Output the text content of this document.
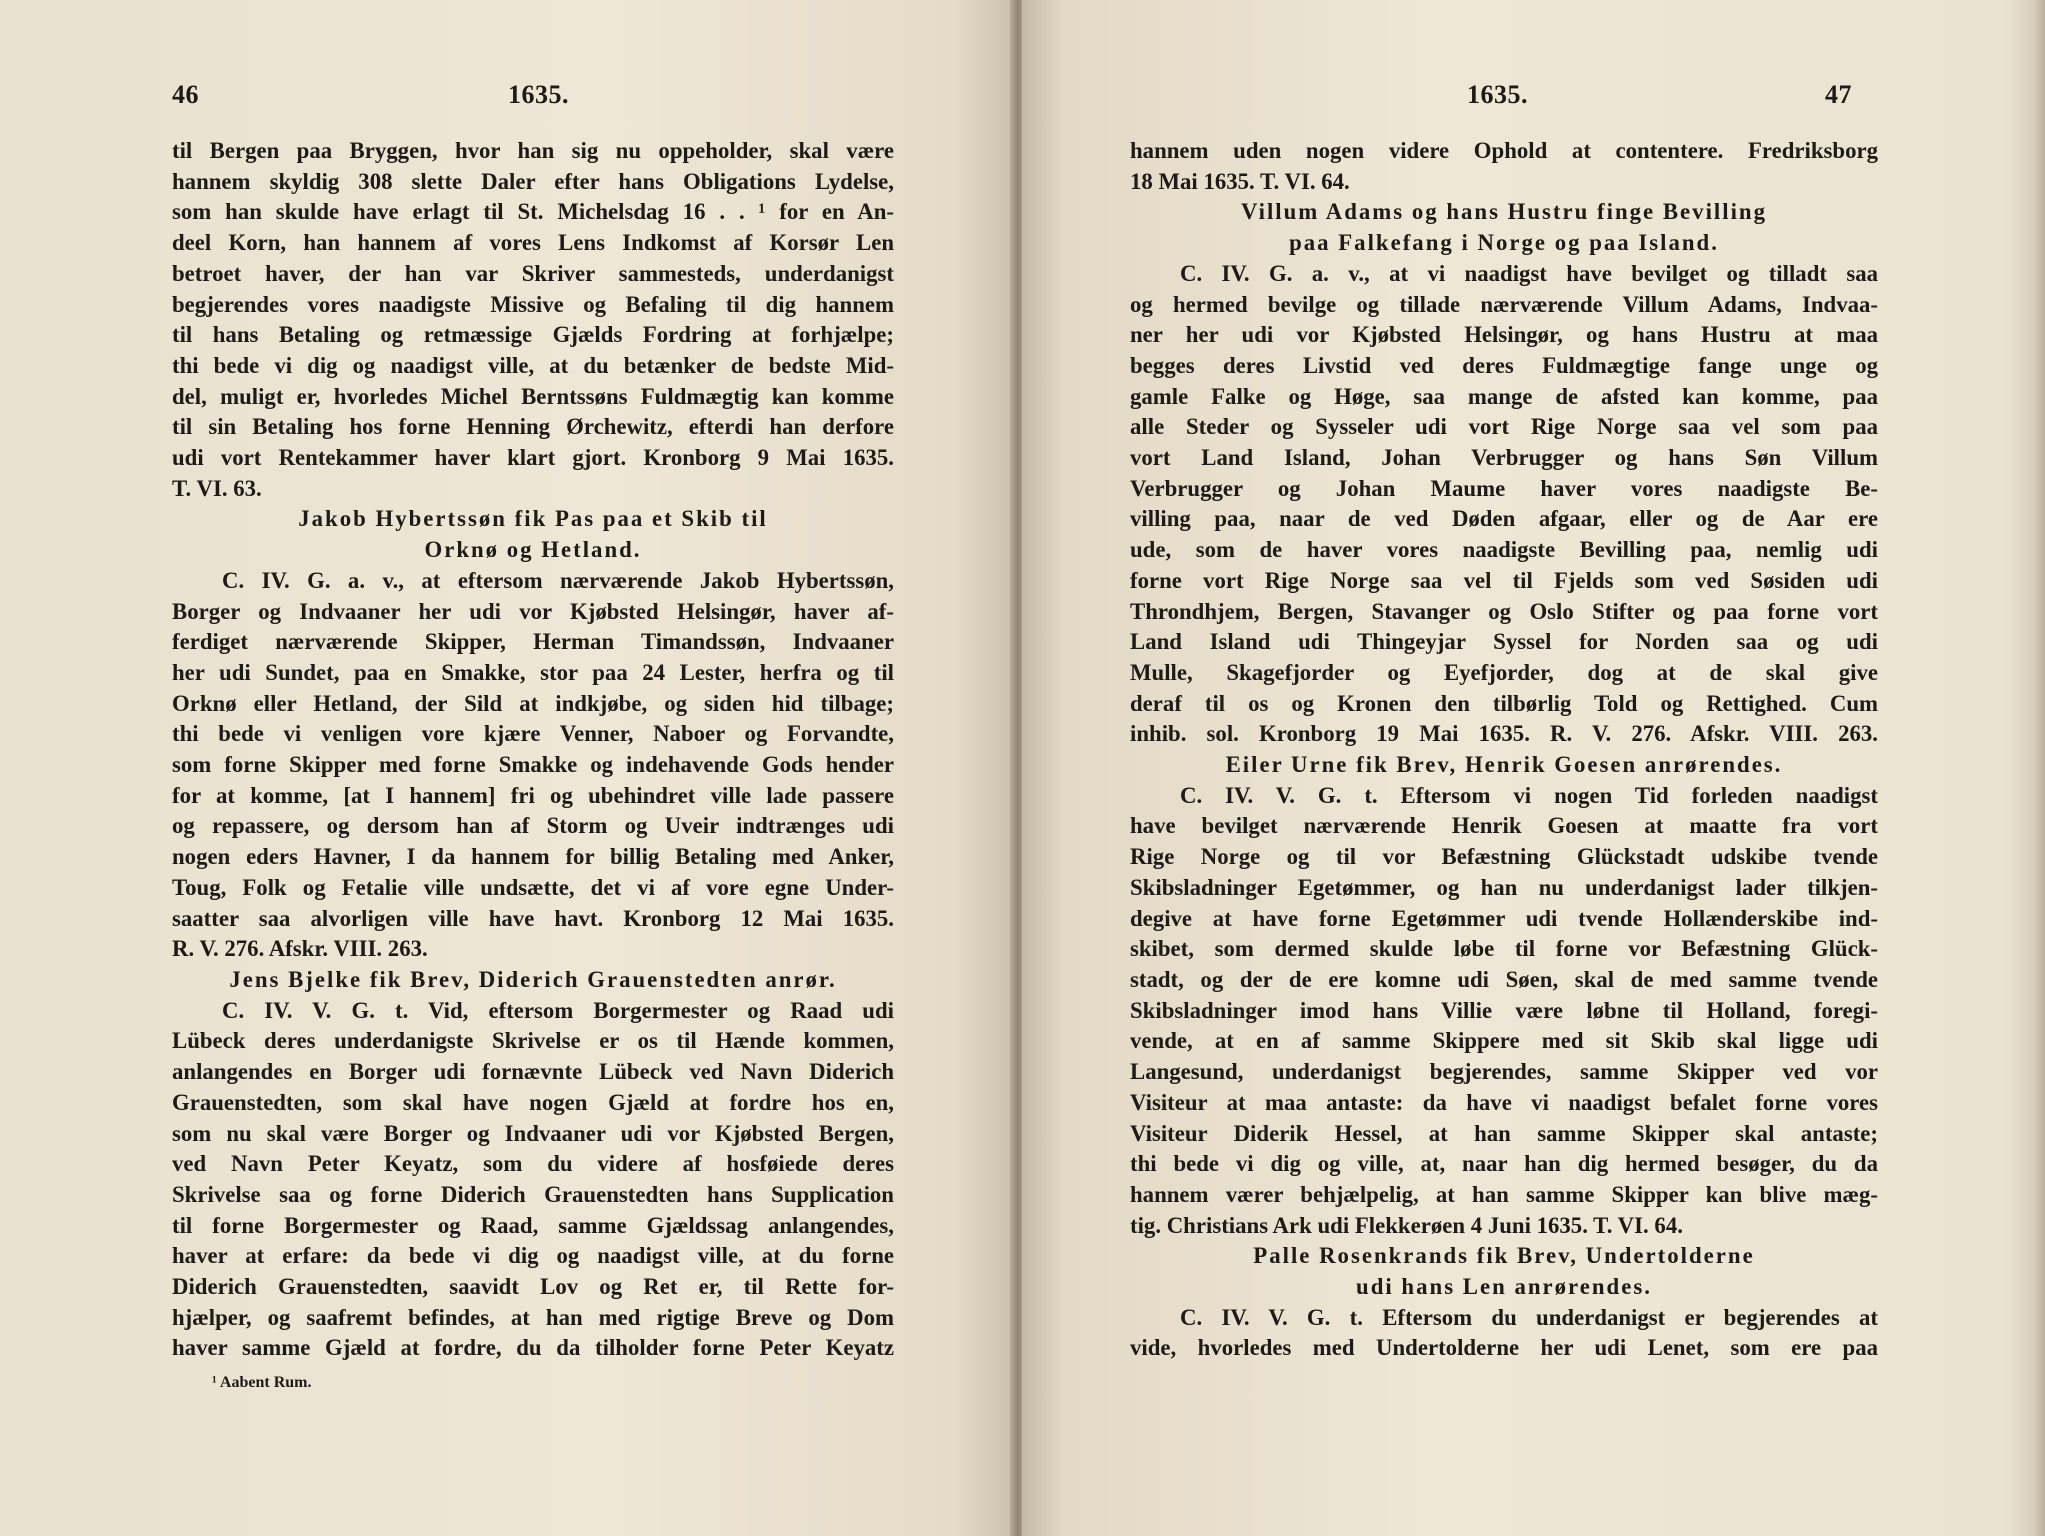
46	1635.
til Bergen paa Bryggen, hvor han sig nu oppeholder, skal være
hannem skyldig 308 slette Daler efter hans Obligations Lydelse,
som han skulde have erlagt til St. Michelsdag 16 . . ¹ for en An-
deel Korn, han hannem af vores Lens Indkomst af Korsør Len
betroet haver, der han var Skriver sammesteds, underdanigst
begjerendes vores naadigste Missive og Befaling til dig hannem
til hans Betaling og retmæssige Gjælds Fordring at forhjælpe;
thi bede vi dig og naadigst ville, at du betænker de bedste Mid-
del, muligt er, hvorledes Michel Berntssøns Fuldmægtig kan komme
til sin Betaling hos forne Henning Ørchewitz, efterdi han derfore
udi vort Rentekammer haver klart gjort. Kronborg 9 Mai 1635.
T. VI. 63.
Jakob Hybertssøn fik Pas paa et Skib til
Orknø og Hetland.
C. IV. G. a. v., at eftersom nærværende Jakob Hybertssøn,
Borger og Indvaaner her udi vor Kjøbsted Helsingør, haver af-
ferdiget nærværende Skipper, Herman Timandssøn, Indvaaner
her udi Sundet, paa en Smakke, stor paa 24 Lester, herfra og til
Orknø eller Hetland, der Sild at indkjøbe, og siden hid tilbage;
thi bede vi venligen vore kjære Venner, Naboer og Forvandte,
som forne Skipper med forne Smakke og indehavende Gods hender
for at komme, [at I hannem] fri og ubehindret ville lade passere
og repassere, og dersom han af Storm og Uveir indtrænges udi
nogen eders Havner, I da hannem for billig Betaling med Anker,
Toug, Folk og Fetalie ville undsætte, det vi af vore egne Under-
saatter saa alvorligen ville have havt. Kronborg 12 Mai 1635.
R. V. 276. Afskr. VIII. 263.
Jens Bjelke fik Brev, Diderich Grauenstedten anrør.
C. IV. V. G. t. Vid, eftersom Borgermester og Raad udi
Lübeck deres underdanigste Skrivelse er os til Hænde kommen,
anlangendes en Borger udi fornævnte Lübeck ved Navn Diderich
Grauenstedten, som skal have nogen Gjæld at fordre hos en,
som nu skal være Borger og Indvaaner udi vor Kjøbsted Bergen,
ved Navn Peter Keyatz, som du videre af hosføiede deres
Skrivelse saa og forne Diderich Grauenstedten hans Supplication
til forne Borgermester og Raad, samme Gjældssag anlangendes,
haver at erfare: da bede vi dig og naadigst ville, at du forne
Diderich Grauenstedten, saavidt Lov og Ret er, til Rette for-
hjælper, og saafremt befindes, at han med rigtige Breve og Dom
haver samme Gjæld at fordre, du da tilholder forne Peter Keyatz
¹ Aabent Rum.
1635.	47
hannem uden nogen videre Ophold at contentere. Fredriksborg
18 Mai 1635. T. VI. 64.
Villum Adams og hans Hustru finge Bevilling
paa Falkefang i Norge og paa Island.
C. IV. G. a. v., at vi naadigst have bevilget og tilladt saa
og hermed bevilge og tillade nærværende Villum Adams, Indvaa-
ner her udi vor Kjøbsted Helsingør, og hans Hustru at maa
begges deres Livstid ved deres Fuldmægtige fange unge og
gamle Falke og Høge, saa mange de afsted kan komme, paa
alle Steder og Sysseler udi vort Rige Norge saa vel som paa
vort Land Island, Johan Verbrugger og hans Søn Villum
Verbrugger og Johan Maume haver vores naadigste Be-
villing paa, naar de ved Døden afgaar, eller og de Aar ere
ude, som de haver vores naadigste Bevilling paa, nemlig udi
forne vort Rige Norge saa vel til Fjelds som ved Søsiden udi
Throndhjem, Bergen, Stavanger og Oslo Stifter og paa forne vort
Land Island udi Thingeyjar Syssel for Norden saa og udi
Mulle, Skagefjorder og Eyefjorder, dog at de skal give
deraf til os og Kronen den tilbørlig Told og Rettighed. Cum
inhib. sol. Kronborg 19 Mai 1635. R. V. 276. Afskr. VIII. 263.
Eiler Urne fik Brev, Henrik Goesen anrørendes.
C. IV. V. G. t. Eftersom vi nogen Tid forleden naadigst
have bevilget nærværende Henrik Goesen at maatte fra vort
Rige Norge og til vor Befæstning Glückstadt udskibe tvende
Skibsladninger Egetømmer, og han nu underdanigst lader tilkjen-
degive at have forne Egetømmer udi tvende Hollænderskibe ind-
skibet, som dermed skulde løbe til forne vor Befæstning Glück-
stadt, og der de ere komne udi Søen, skal de med samme tvende
Skibsladninger imod hans Villie være løbne til Holland, foregi-
vende, at en af samme Skippere med sit Skib skal ligge udi
Langesund, underdanigst begjerendes, samme Skipper ved vor
Visiteur at maa antaste: da have vi naadigst befalet forne vores
Visiteur Diderik Hessel, at han samme Skipper skal antaste;
thi bede vi dig og ville, at, naar han dig hermed besøger, du da
hannem værer behjælpelig, at han samme Skipper kan blive mæg-
tig. Christians Ark udi Flekkerøen 4 Juni 1635. T. VI. 64.
Palle Rosenkrands fik Brev, Undertolderne
udi hans Len anrørendes.
C. IV. V. G. t. Eftersom du underdanigst er begjerendes at
vide, hvorledes med Undertolderne her udi Lenet, som ere paa
